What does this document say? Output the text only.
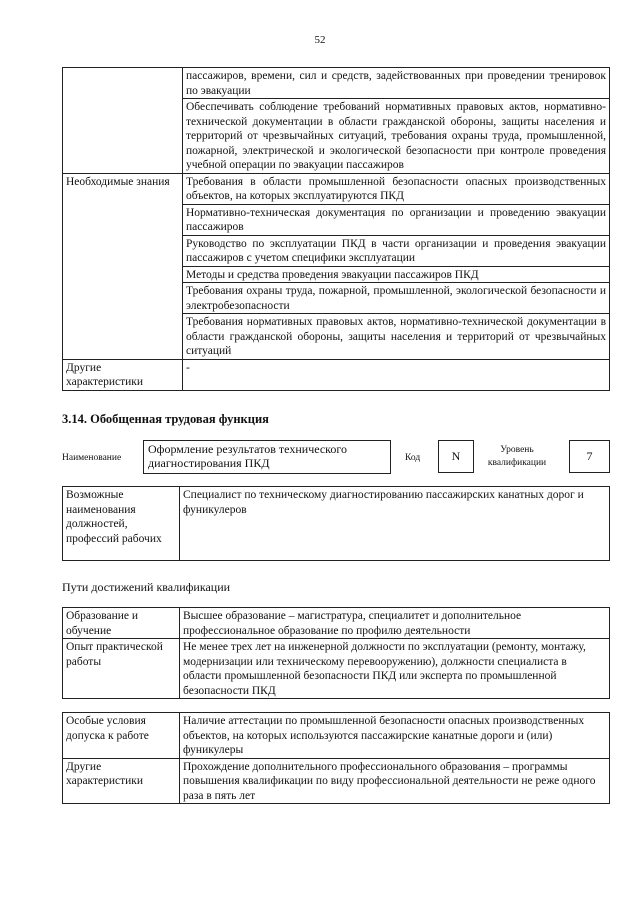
52
	пассажиров, времени, сил и средств, задействованных при проведении тренировок по эвакуации
	Обеспечивать соблюдение требований нормативных правовых актов, нормативно-технической документации в области гражданской обороны, защиты населения и территорий от чрезвычайных ситуаций, требования охраны труда, промышленной, пожарной, электрической и экологической безопасности при контроле проведения учебной операции по эвакуации пассажиров
Необходимые знания	Требования в области промышленной безопасности опасных производственных объектов, на которых эксплуатируются ПКД
	Нормативно-техническая документация по организации и проведению эвакуации пассажиров
	Руководство по эксплуатации ПКД в части организации и проведения эвакуации пассажиров с учетом специфики эксплуатации
	Методы и средства проведения эвакуации пассажиров ПКД
	Требования охраны труда, пожарной, промышленной, экологической безопасности и электробезопасности
	Требования нормативных правовых актов, нормативно-технической документации в области гражданской обороны, защиты населения и территорий от чрезвычайных ситуаций
Другие характеристики	-
3.14. Обобщенная трудовая функция
Наименование
Оформление результатов технического диагностирования ПКД	Код	N	Уровень квалификации	7
Возможные наименования должностей, профессий рабочих	Специалист по техническому диагностированию пассажирских канатных дорог и фуникулеров
Пути достижений квалификации
Образование и обучение	Высшее образование – магистратура, специалитет и дополнительное профессиональное образование по профилю деятельности
Опыт практической работы	Не менее трех лет на инженерной должности по эксплуатации (ремонту, монтажу, модернизации или техническому перевооружению), должности специалиста в области промышленной безопасности ПКД или эксперта по промышленной безопасности ПКД
Особые условия допуска к работе	Наличие аттестации по промышленной безопасности опасных производственных объектов, на которых используются пассажирские канатные дороги и (или) фуникулеры
Другие характеристики	Прохождение дополнительного профессионального образования – программы повышения квалификации по виду профессиональной деятельности не реже одного раза в пять лет
